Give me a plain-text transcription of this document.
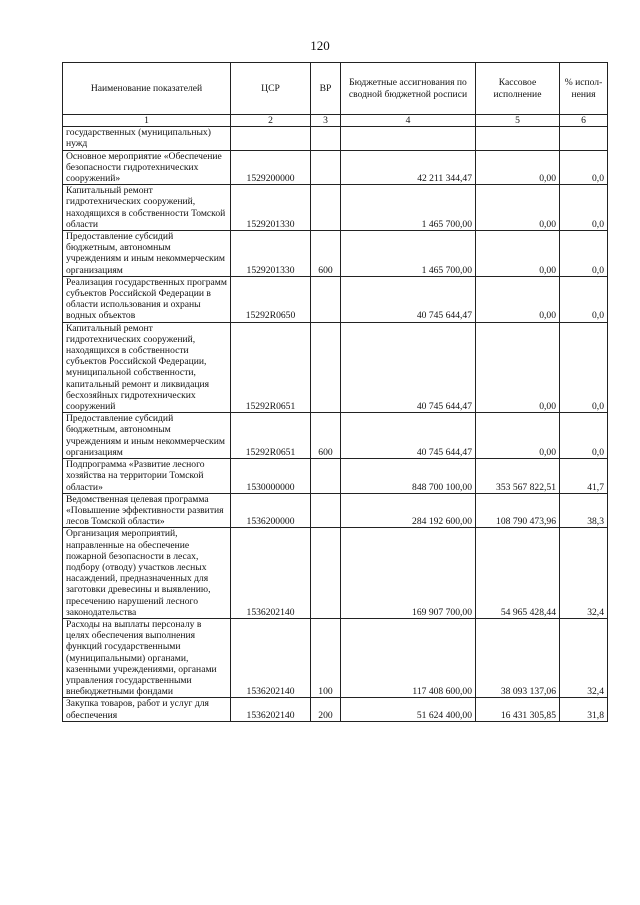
120
Наименование показателей	ЦСР	ВР	Бюджетные ассигнования по сводной бюджетной росписи	Кассовое исполнение	% испол-нения
1	2	3	4	5	6
государственных (муниципальных) нужд					
Основное мероприятие «Обеспечение безопасности гидротехнических сооружений»	1529200000		42 211 344,47	0,00	0,0
Капитальный ремонт гидротехнических сооружений, находящихся в собственности Томской области	1529201330		1 465 700,00	0,00	0,0
Предоставление субсидий бюджетным, автономным учреждениям и иным некоммерческим организациям	1529201330	600	1 465 700,00	0,00	0,0
Реализация государственных программ субъектов Российской Федерации в области использования и охраны водных объектов	15292R0650		40 745 644,47	0,00	0,0
Капитальный ремонт гидротехнических сооружений, находящихся в собственности субъектов Российской Федерации, муниципальной собственности, капитальный ремонт и ликвидация бесхозяйных гидротехнических сооружений	15292R0651		40 745 644,47	0,00	0,0
Предоставление субсидий бюджетным, автономным учреждениям и иным некоммерческим организациям	15292R0651	600	40 745 644,47	0,00	0,0
Подпрограмма «Развитие лесного хозяйства на территории Томской области»	1530000000		848 700 100,00	353 567 822,51	41,7
Ведомственная целевая программа «Повышение эффективности развития лесов Томской области»	1536200000		284 192 600,00	108 790 473,96	38,3
Организация мероприятий, направленные на обеспечение пожарной безопасности в лесах, подбору (отводу) участков лесных насаждений, предназначенных для заготовки древесины и выявлению, пресечению нарушений лесного законодательства	1536202140		169 907 700,00	54 965 428,44	32,4
Расходы на выплаты персоналу в целях обеспечения выполнения функций государственными (муниципальными) органами, казенными учреждениями, органами управления государственными внебюджетными фондами	1536202140	100	117 408 600,00	38 093 137,06	32,4
Закупка товаров, работ и услуг для обеспечения	1536202140	200	51 624 400,00	16 431 305,85	31,8
